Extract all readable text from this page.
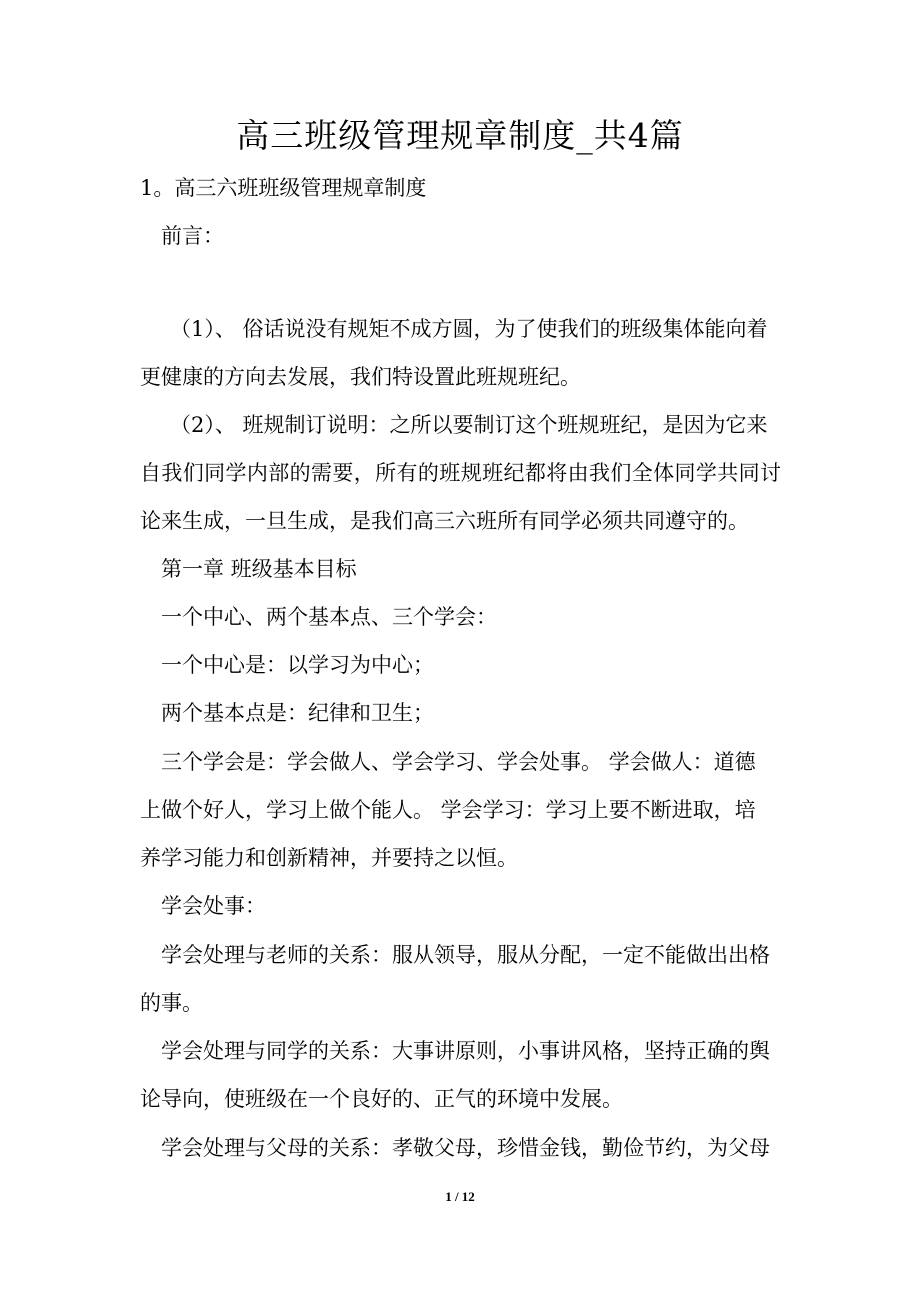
高三班级管理规章制度_共4篇
1。高三六班班级管理规章制度
前言：
（1）、 俗话说没有规矩不成方圆，为了使我们的班级集体能向着
更健康的方向去发展，我们特设置此班规班纪。
（2）、 班规制订说明：之所以要制订这个班规班纪，是因为它来
自我们同学内部的需要，所有的班规班纪都将由我们全体同学共同讨
论来生成，一旦生成，是我们高三六班所有同学必须共同遵守的。
第一章 班级基本目标
一个中心、两个基本点、三个学会：
一个中心是：以学习为中心；
两个基本点是：纪律和卫生；
三个学会是：学会做人、学会学习、学会处事。 学会做人：道德
上做个好人，学习上做个能人。 学会学习：学习上要不断进取，培
养学习能力和创新精神，并要持之以恒。
学会处事：
学会处理与老师的关系：服从领导，服从分配，一定不能做出出格
的事。
学会处理与同学的关系：大事讲原则，小事讲风格，坚持正确的舆
论导向，使班级在一个良好的、正气的环境中发展。
学会处理与父母的关系：孝敬父母，珍惜金钱，勤俭节约，为父母
1 / 12
